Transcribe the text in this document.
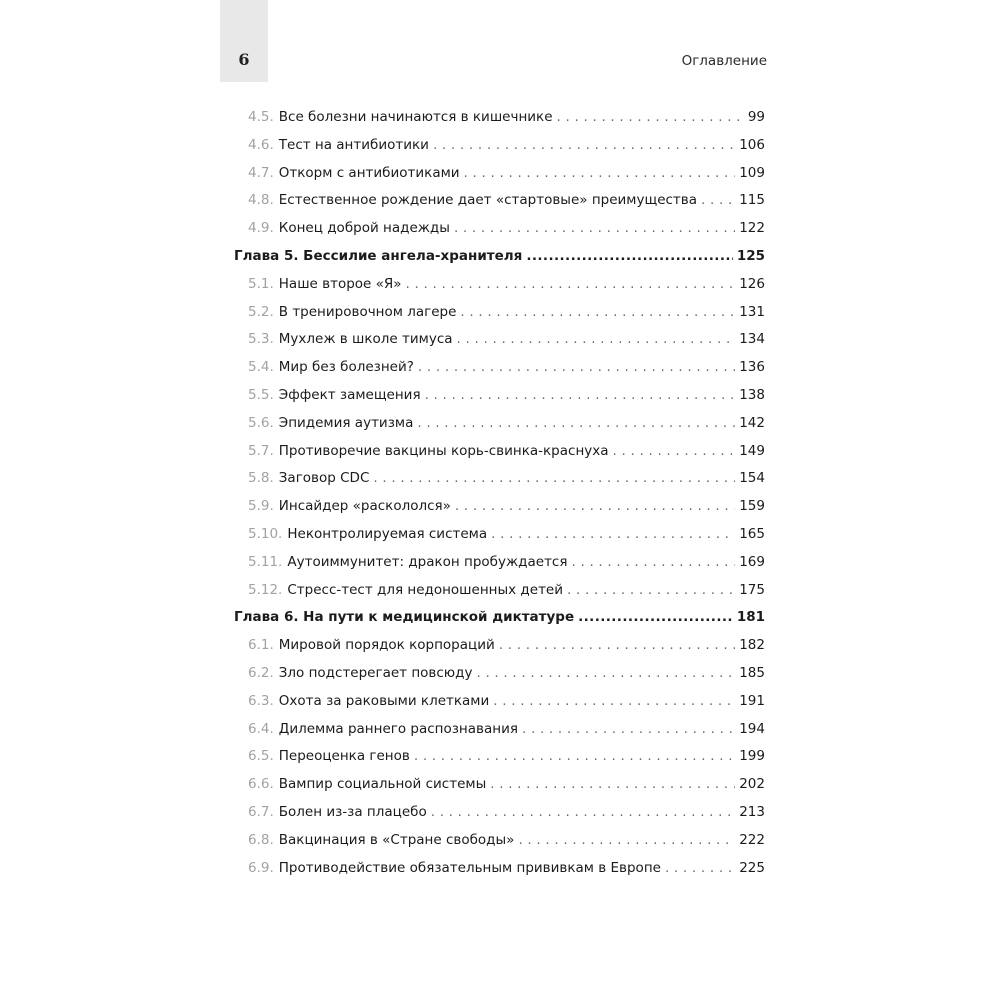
6	Оглавление
4.5. Все болезни начинаются в кишечнике . . .	99
4.6. Тест на антибиотики . . .	106
4.7. Откорм с антибиотиками . . .	109
4.8. Естественное рождение дает «стартовые» преимущества . . .	115
4.9. Конец доброй надежды . . .	122
Глава 5. Бессилие ангела-хранителя .....	125
5.1. Наше второе «Я» . . .	126
5.2. В тренировочном лагере . . .	131
5.3. Мухлеж в школе тимуса . . .	134
5.4. Мир без болезней? . . .	136
5.5. Эффект замещения . . .	138
5.6. Эпидемия аутизма . . .	142
5.7. Противоречие вакцины корь-свинка-краснуха . . .	149
5.8. Заговор CDC . . .	154
5.9. Инсайдер «раскололся» . . .	159
5.10. Неконтролируемая система . . .	165
5.11. Аутоиммунитет: дракон пробуждается . . .	169
5.12. Стресс-тест для недоношенных детей . . .	175
Глава 6. На пути к медицинской диктатуре .....	181
6.1. Мировой порядок корпораций . . .	182
6.2. Зло подстерегает повсюду . . .	185
6.3. Охота за раковыми клетками . . .	191
6.4. Дилемма раннего распознавания . . .	194
6.5. Переоценка генов . . .	199
6.6. Вампир социальной системы . . .	202
6.7. Болен из-за плацебо . . .	213
6.8. Вакцинация в «Стране свободы» . . .	222
6.9. Противодействие обязательным прививкам в Европе . . .	225
